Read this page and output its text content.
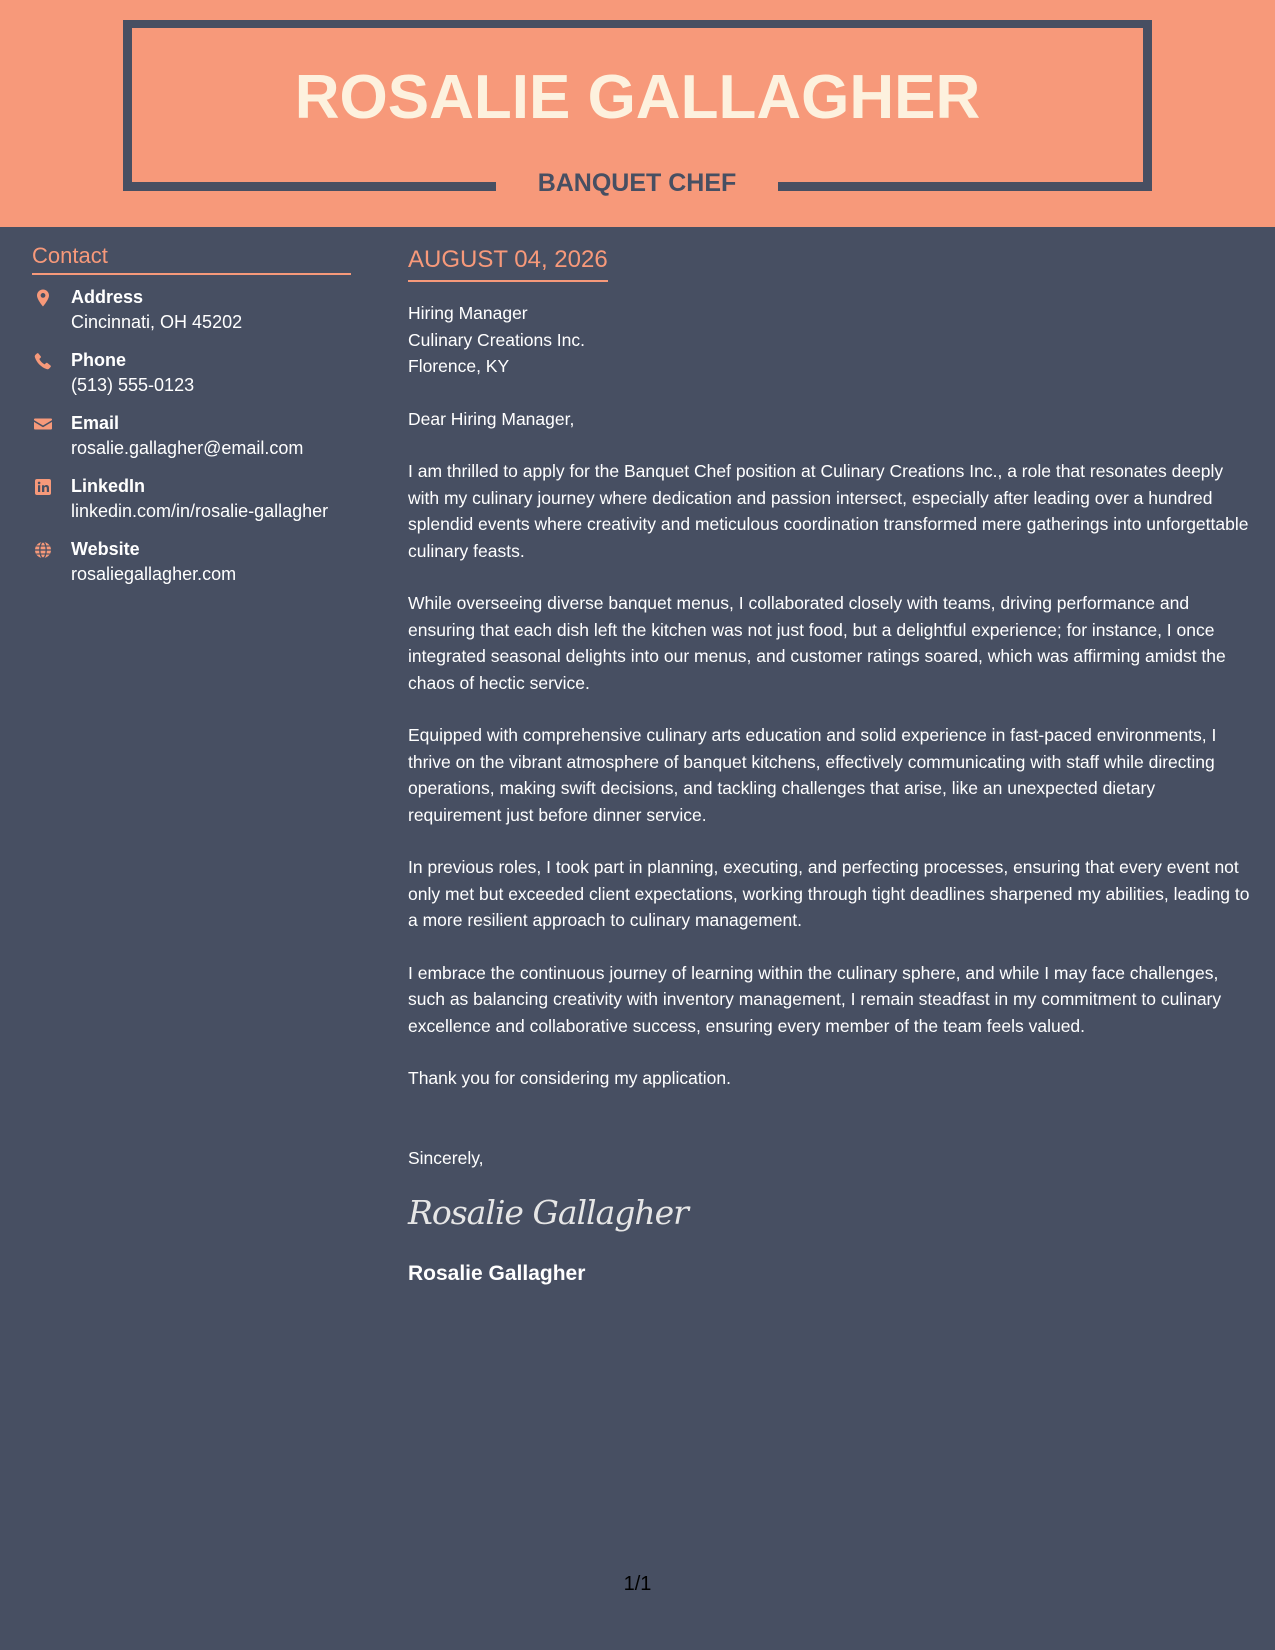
ROSALIE GALLAGHER
BANQUET CHEF
Contact
Address
Cincinnati, OH 45202
Phone
(513) 555-0123
Email
rosalie.gallagher@email.com
LinkedIn
linkedin.com/in/rosalie-gallagher
Website
rosaliegallagher.com
AUGUST 04, 2026
Hiring Manager
Culinary Creations Inc.
Florence, KY
Dear Hiring Manager,
I am thrilled to apply for the Banquet Chef position at Culinary Creations Inc., a role that resonates deeply with my culinary journey where dedication and passion intersect, especially after leading over a hundred splendid events where creativity and meticulous coordination transformed mere gatherings into unforgettable culinary feasts.
While overseeing diverse banquet menus, I collaborated closely with teams, driving performance and ensuring that each dish left the kitchen was not just food, but a delightful experience; for instance, I once integrated seasonal delights into our menus, and customer ratings soared, which was affirming amidst the chaos of hectic service.
Equipped with comprehensive culinary arts education and solid experience in fast-paced environments, I thrive on the vibrant atmosphere of banquet kitchens, effectively communicating with staff while directing operations, making swift decisions, and tackling challenges that arise, like an unexpected dietary requirement just before dinner service.
In previous roles, I took part in planning, executing, and perfecting processes, ensuring that every event not only met but exceeded client expectations, working through tight deadlines sharpened my abilities, leading to a more resilient approach to culinary management.
I embrace the continuous journey of learning within the culinary sphere, and while I may face challenges, such as balancing creativity with inventory management, I remain steadfast in my commitment to culinary excellence and collaborative success, ensuring every member of the team feels valued.
Thank you for considering my application.
Sincerely,
Rosalie Gallagher
Rosalie Gallagher
1/1
